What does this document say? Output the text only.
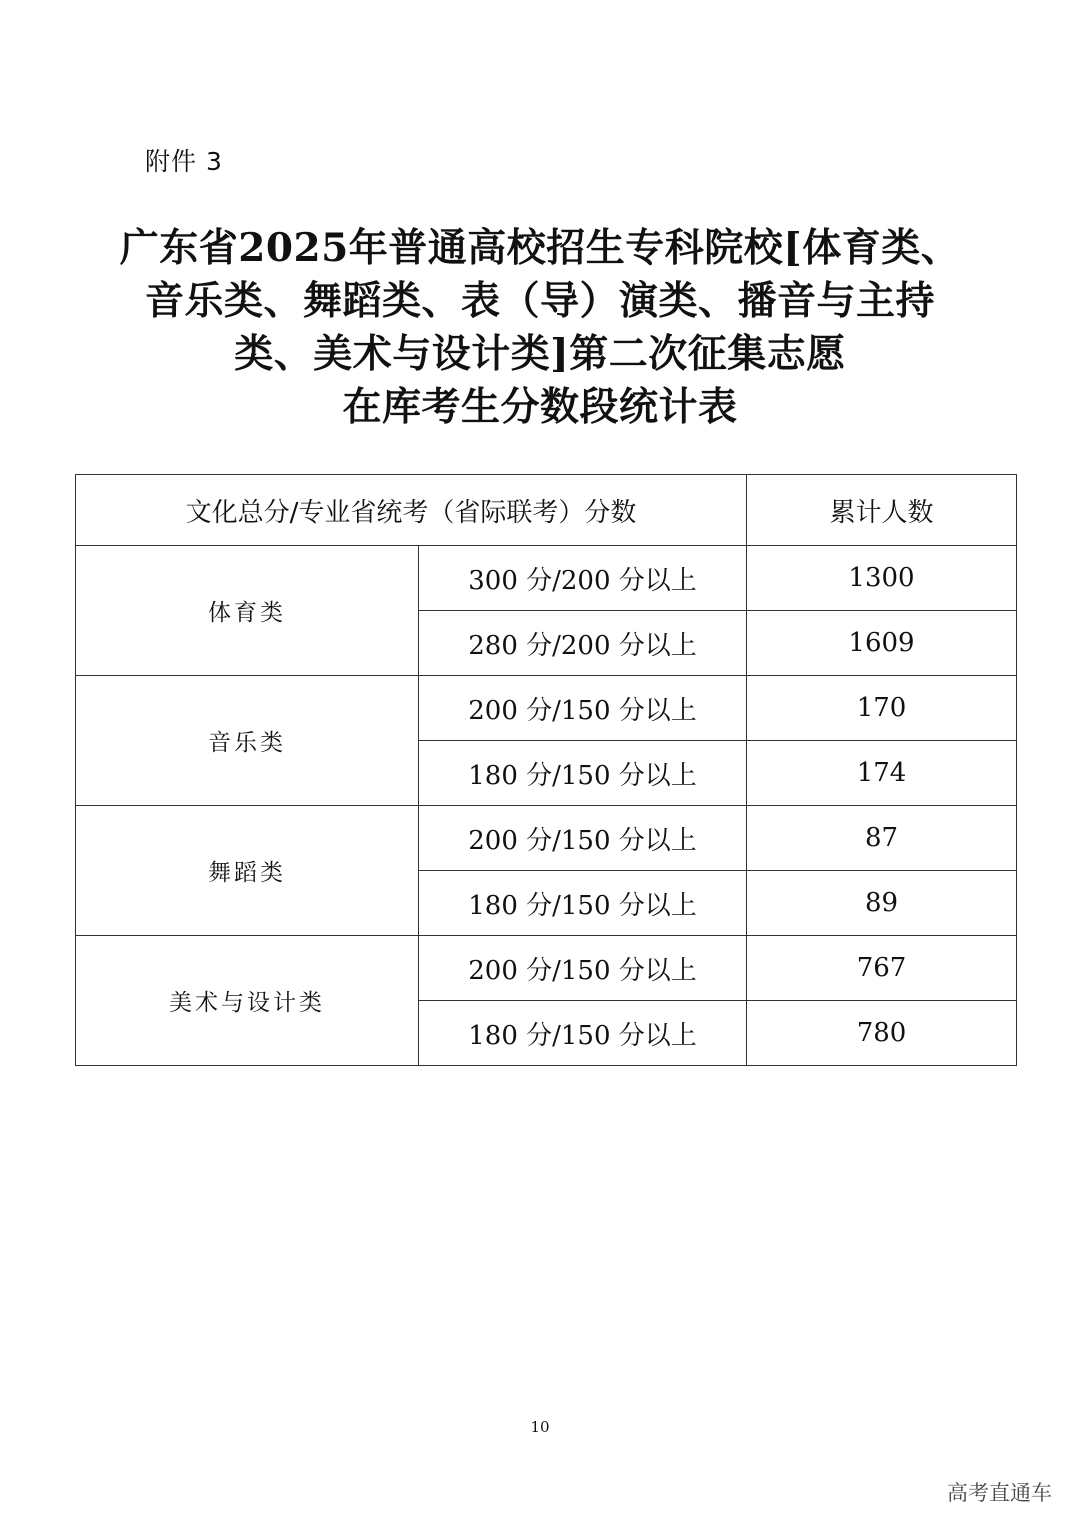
附件 3
广东省2025年普通高校招生专科院校[体育类、
音乐类、舞蹈类、表（导）演类、播音与主持
类、美术与设计类]第二次征集志愿
在库考生分数段统计表
文化总分/专业省统考（省际联考）分数		累计人数
体育类	300 分/200 分以上	1300
	280 分/200 分以上	1609
音乐类	200 分/150 分以上	170
	180 分/150 分以上	174
舞蹈类	200 分/150 分以上	87
	180 分/150 分以上	89
美术与设计类	200 分/150 分以上	767
	180 分/150 分以上	780
10
高考直通车
